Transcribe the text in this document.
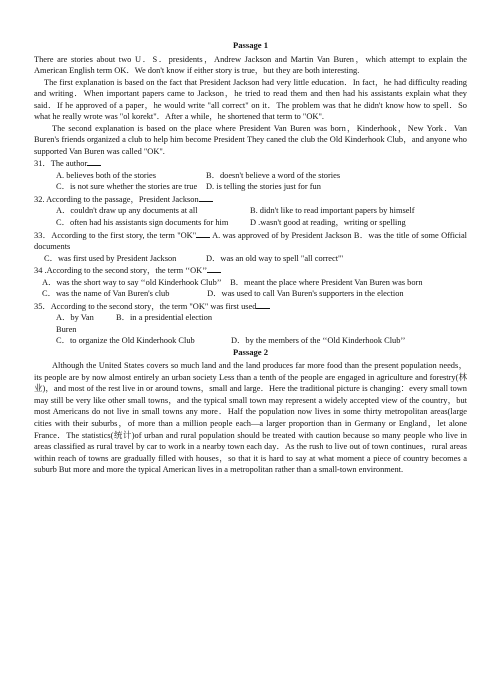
Passage 1

There are stories about two U．S．presidents，Andrew Jackson and Martin Van Buren，which attempt to explain the American English term OK．We don't know if either story is true，but they are both interesting.

The first explanation is based on the fact that President Jackson had very little education．In fact，he had difficulty reading and writing．When important papers came to Jackson，he tried to read them and then had his assistants explain what they said．If he approved of a paper，he would write "all correct" on it．The problem was that he didn't know how to spell．So what he really wrote was "ol korekt"．After a while，he shortened that term to "OK".

The second explanation is based on the place where President Van Buren was born，Kinderhook，New York．Van Buren's friends organized a club to help him become President They caned the club the Old Kinderhook Club，and anyone who supported Van Buren was called "OK".

31．The author

A. believes both of the stories	B．doesn't believe a word of the stories
C．is not sure whether the stories are true	D. is telling the stories just for fun

32. According to the passage，President Jackson

A．couldn't draw up any documents at all	B. didn't like to read important papers by himself
C．often had his assistants sign documents for him	D .wasn't good at reading，writing or spelling

33．According to the first story, the term "OK" A. was approved of by President Jackson B．was the title of some Official documents

C．was first used by President Jackson	D．was an old way to spell "all correct"'

34 .According to the second story，the term ‘‘OK’’

A．was the short way to say ‘‘old Kinderhook Club’’ B．meant the place where President Van Buren was born

C．was the name of Van Buren's club	D．was used to call Van Buren's supporters in the election

35．According to the second story，the term "OK" was first used

A．by Van Buren
B．in a presidential election
C．to organize the Old Kinderhook Club	D．by the members of the ‘‘Old Kinderhook Club’’
Passage 2

Although the United States covers so much land and the land produces far more food than the present population needs，its people are by now almost entirely an urban society Less than a tenth of the people are engaged in agriculture and forestry(林业)，and most of the rest live in or around towns，small and large．Here the traditional picture is changing：every small town may still be very like other small towns，and the typical small town may represent a widely accepted view of the country，but most Americans do not live in small towns any more．Half the population now lives in some thirty metropolitan areas(large cities with their suburbs，of more than a million people each—a larger proportion than in Germany or England，let alone France．The statistics(统计)of urban and rural population should be treated with caution because so many people who live in areas classified as rural travel by car to work in a nearby town each day．As the rush to live out of town continues，rural areas within reach of towns are gradually filled with houses，so that it is hard to say at what moment a piece of country becomes a suburb But more and more the typical American lives in a metropolitan rather than a small-town environment.
